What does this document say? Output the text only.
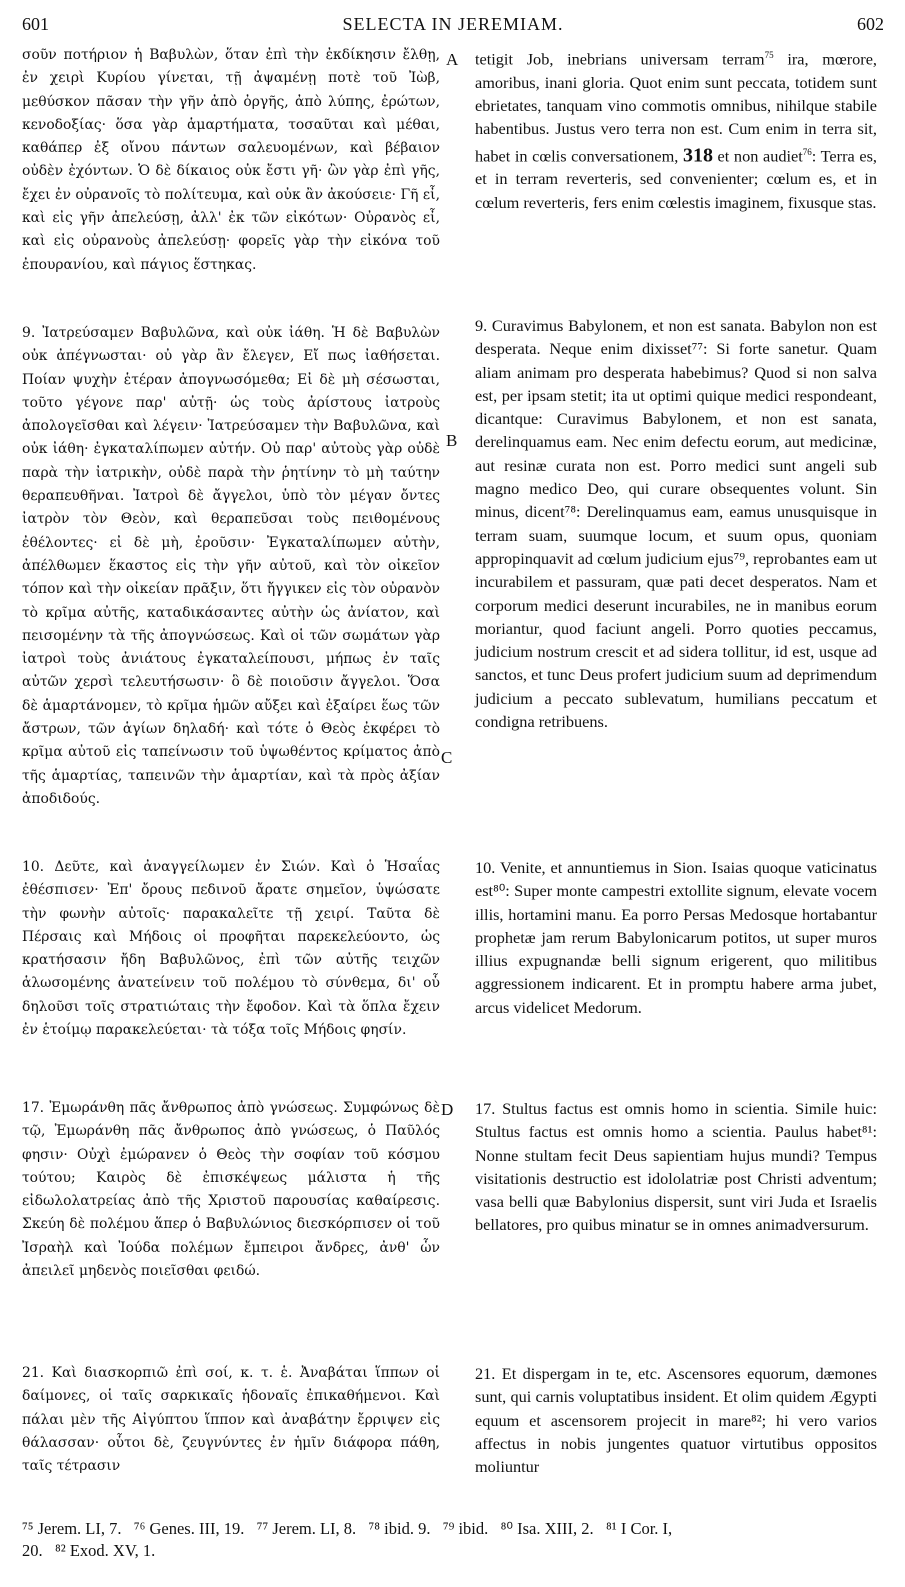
601	SELECTA IN JEREMIAM.	602

σοῦν ποτήριον ἡ Βαβυλὼν, ὅταν ἐπὶ τὴν ἐκδίκησιν ἔλθῃ, ἐν χειρὶ Κυρίου γίνεται, τῇ ἀψαμένῃ ποτὲ τοῦ Ἰὼβ, μεθύσκον πᾶσαν τὴν γῆν ἀπὸ ὀργῆς, ἀπὸ λύπης, ἐρώτων, κενοδοξίας· ὅσα γὰρ ἁμαρτήματα, τοσαῦται καὶ μέθαι, καθάπερ ἐξ οἴνου πάντων σαλευομένων, καὶ βέβαιον οὐδὲν ἐχόντων. Ὁ δὲ δίκαιος οὐκ ἔστι γῆ· ὢν γὰρ ἐπὶ γῆς, ἔχει ἐν οὐρανοῖς τὸ πολίτευμα, καὶ οὐκ ἂν ἀκούσειε· Γῆ εἶ, καὶ εἰς γῆν ἀπελεύσῃ, ἀλλ' ἐκ τῶν εἰκότων· Οὐρανὸς εἶ, καὶ εἰς οὐρανοὺς ἀπελεύσῃ· φορεῖς γὰρ τὴν εἰκόνα τοῦ ἐπουρανίου, καὶ πάγιος ἕστηκας.

9. Ἰατρεύσαμεν Βαβυλῶνα, καὶ οὐκ ἰάθη. Ἡ δὲ Βαβυλὼν οὐκ ἀπέγνωσται· οὐ γὰρ ἂν ἔλεγεν, Εἴ πως ἰαθήσεται. Ποίαν ψυχὴν ἑτέραν ἀπογνωσόμεθα; Εἰ δὲ μὴ σέσωσται, τοῦτο γέγονε παρ' αὐτῇ· ὡς τοὺς ἀρίστους ἰατροὺς ἀπολογεῖσθαι καὶ λέγειν· Ἰατρεύσαμεν τὴν Βαβυλῶνα, καὶ οὐκ ἰάθη· ἐγκαταλίπωμεν αὐτήν. Οὐ παρ' αὐτοὺς γὰρ οὐδὲ παρὰ τὴν ἰατρικὴν, οὐδὲ παρὰ τὴν ῥητίνην τὸ μὴ ταύτην θεραπευθῆναι. Ἰατροὶ δὲ ἄγγελοι, ὑπὸ τὸν μέγαν ὄντες ἰατρὸν τὸν Θεὸν, καὶ θεραπεῦσαι τοὺς πειθομένους ἐθέλοντες· εἰ δὲ μὴ, ἐροῦσιν· Ἐγκαταλίπωμεν αὐτὴν, ἀπέλθωμεν ἕκαστος εἰς τὴν γῆν αὐτοῦ, καὶ τὸν οἰκεῖον τόπον καὶ τὴν οἰκείαν πρᾶξιν, ὅτι ἤγγικεν εἰς τὸν οὐρανὸν τὸ κρῖμα αὐτῆς, καταδικάσαντες αὐτὴν ὡς ἀνίατον, καὶ πεισομένην τὰ τῆς ἀπογνώσεως. Καὶ οἱ τῶν σωμάτων γὰρ ἰατροὶ τοὺς ἀνιάτους ἐγκαταλείπουσι, μήπως ἐν ταῖς αὐτῶν χερσὶ τελευτήσωσιν· ὃ δὲ ποιοῦσιν ἄγγελοι. Ὅσα δὲ ἁμαρτάνομεν, τὸ κρῖμα ἡμῶν αὔξει καὶ ἐξαίρει ἕως τῶν ἄστρων, τῶν ἁγίων δηλαδή· καὶ τότε ὁ Θεὸς ἐκφέρει τὸ κρῖμα αὐτοῦ εἰς ταπείνωσιν τοῦ ὑψωθέντος κρίματος ἀπὸ τῆς ἁμαρτίας, ταπεινῶν τὴν ἁμαρτίαν, καὶ τὰ πρὸς ἀξίαν ἀποδιδούς.

10. Δεῦτε, καὶ ἀναγγείλωμεν ἐν Σιών. Καὶ ὁ Ἡσαΐας ἐθέσπισεν· Ἐπ' ὄρους πεδινοῦ ἄρατε σημεῖον, ὑψώσατε τὴν φωνὴν αὐτοῖς· παρακαλεῖτε τῇ χειρί. Ταῦτα δὲ Πέρσαις καὶ Μήδοις οἱ προφῆται παρεκελεύοντο, ὡς κρατήσασιν ἤδη Βαβυλῶνος, ἐπὶ τῶν αὐτῆς τειχῶν ἁλωσομένης ἀνατείνειν τοῦ πολέμου τὸ σύνθεμα, δι' οὗ δηλοῦσι τοῖς στρατιώταις τὴν ἔφοδον. Καὶ τὰ ὅπλα ἔχειν ἐν ἑτοίμῳ παρακελεύεται· τὰ τόξα τοῖς Μήδοις φησίν.

17. Ἐμωράνθη πᾶς ἄνθρωπος ἀπὸ γνώσεως. Συμφώνως δὲ τῷ, Ἐμωράνθη πᾶς ἄνθρωπος ἀπὸ γνώσεως, ὁ Παῦλός φησιν· Οὐχὶ ἐμώρανεν ὁ Θεὸς τὴν σοφίαν τοῦ κόσμου τούτου; Καιρὸς δὲ ἐπισκέψεως μάλιστα ἡ τῆς εἰδωλολατρείας ἀπὸ τῆς Χριστοῦ παρουσίας καθαίρεσις. Σκεύη δὲ πολέμου ἅπερ ὁ Βαβυλώνιος διεσκόρπισεν οἱ τοῦ Ἰσραὴλ καὶ Ἰούδα πολέμων ἔμπειροι ἄνδρες, ἀνθ' ὧν ἀπειλεῖ μηδενὸς ποιεῖσθαι φειδώ.

21. Καὶ διασκορπιῶ ἐπὶ σοί, κ. τ. ἑ. Ἀναβάται ἵππων οἱ δαίμονες, οἱ ταῖς σαρκικαῖς ἡδοναῖς ἐπικαθήμενοι. Καὶ πάλαι μὲν τῆς Αἰγύπτου ἵππον καὶ ἀναβάτην ἔρριψεν εἰς θάλασσαν· οὗτοι δὲ, ζευγνύντες ἐν ἡμῖν διάφορα πάθη, ταῖς τέτρασιν

A
B
C
D

tetigit Job, inebrians universam terram$^{75}$ ira, mœrore, amoribus, inani gloria. Quot enim sunt peccata, totidem sunt ebrietates, tanquam vino commotis omnibus, nihilque stabile habentibus. Justus vero terra non est. Cum enim in terra sit, habet in cœlis conversationem, 318 et non audiet$^{76}$: Terra es, et in terram reverteris, sed convenienter; cœlum es, et in cœlum reverteris, fers enim cœlestis imaginem, fixusque stas.

9. Curavimus Babylonem, et non est sanata. Babylon non est desperata. Neque enim dixisset⁷⁷: Si forte sanetur. Quam aliam animam pro desperata habebimus? Quod si non salva est, per ipsam stetit; ita ut optimi quique medici respondeant, dicantque: Curavimus Babylonem, et non est sanata, derelinquamus eam. Nec enim defectu eorum, aut medicinæ, aut resinæ curata non est. Porro medici sunt angeli sub magno medico Deo, qui curare obsequentes volunt. Sin minus, dicent⁷⁸: Derelinquamus eam, eamus unusquisque in terram suam, suumque locum, et suum opus, quoniam appropinquavit ad cœlum judicium ejus⁷⁹, reprobantes eam ut incurabilem et passuram, quæ pati decet desperatos. Nam et corporum medici deserunt incurabiles, ne in manibus eorum moriantur, quod faciunt angeli. Porro quoties peccamus, judicium nostrum crescit et ad sidera tollitur, id est, usque ad sanctos, et tunc Deus profert judicium suum ad deprimendum judicium a peccato sublevatum, humilians peccatum et condigna retribuens.

10. Venite, et annuntiemus in Sion. Isaias quoque vaticinatus est⁸⁰: Super monte campestri extollite signum, elevate vocem illis, hortamini manu. Ea porro Persas Medosque hortabantur prophetæ jam rerum Babylonicarum potitos, ut super muros illius expugnandæ belli signum erigerent, quo militibus aggressionem indicarent. Et in promptu habere arma jubet, arcus videlicet Medorum.

17. Stultus factus est omnis homo in scientia. Simile huic: Stultus factus est omnis homo a scientia. Paulus habet⁸¹: Nonne stultam fecit Deus sapientiam hujus mundi? Tempus visitationis destructio est idololatriæ post Christi adventum; vasa belli quæ Babylonius dispersit, sunt viri Juda et Israelis bellatores, pro quibus minatur se in omnes animadversurum.

21. Et dispergam in te, etc. Ascensores equorum, dæmones sunt, qui carnis voluptatibus insident. Et olim quidem Ægypti equum et ascensorem projecit in mare⁸²; hi vero varios affectus in nobis jungentes quatuor virtutibus oppositos moliuntur

⁷⁵ Jerem. LI, 7.   ⁷⁶ Genes. III, 19.   ⁷⁷ Jerem. LI, 8.   ⁷⁸ ibid. 9.   ⁷⁹ ibid.   ⁸⁰ Isa. XIII, 2.   ⁸¹ I Cor. I,
20.   ⁸² Exod. XV, 1.
